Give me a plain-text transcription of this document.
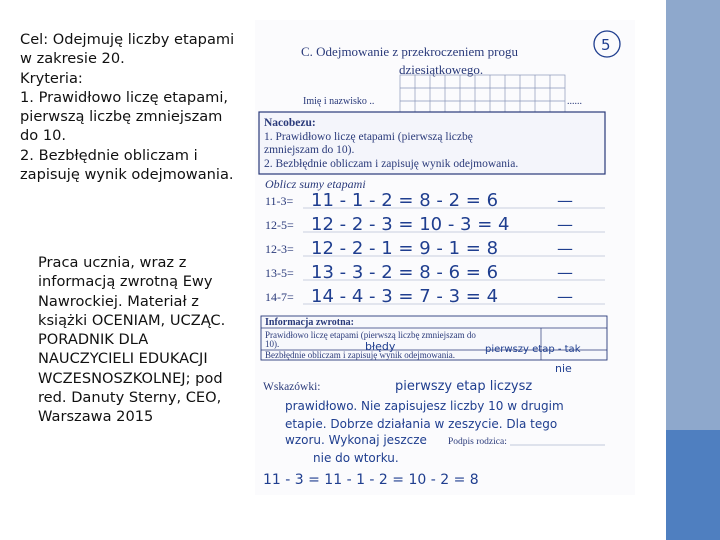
Cel: Odejmuję liczby etapami
w zakresie 20.
Kryteria:
1. Prawidłowo liczę etapami, pierwszą liczbę zmniejszam do 10.
2. Bezbłędnie obliczam i zapisuję wynik odejmowania.
Praca ucznia, wraz z informacją zwrotną Ewy Nawrockiej. Materiał z książki OCENIAM, UCZĄC. PORADNIK DLA NAUCZYCIELI EDUKACJI WCZESNOSZKOLNEJ; pod red. Danuty Sterny, CEO, Warszawa 2015
C. Odejmowanie z przekroczeniem progu
dziesiątkowego.
5
Imię i nazwisko ..	......
Nacobezu:
1. Prawidłowo liczę etapami (pierwszą liczbę
zmniejszam do 10).
2. Bezbłędnie obliczam i zapisuję wynik odejmowania.
Oblicz sumy etapami
11-3= 11 - 1 - 2 = 8 - 2 = 6	—
12-5= 12 - 2 - 3 = 10 - 3 = 4	—
12-3= 12 - 2 - 1 = 9 - 1 = 8	—
13-5= 13 - 3 - 2 = 8 - 6 = 6	—
14-7= 14 - 4 - 3 = 7 - 3 = 4	—
Informacja zwrotna:
Prawidłowo liczę etapami (pierwszą liczbę zmniejszam do
10).
Bezbłędnie obliczam i zapisuję wynik odejmowania.
błędy	pierwszy etap - tak
nie
Wskazówki:	pierwszy etap liczysz
prawidłowo. Nie zapisujesz liczby 10 w drugim
etapie. Dobrze działania w zeszycie. Dla tego
wzoru. Wykonaj jeszcze Podpis rodzica:
nie do wtorku.
11 - 3 = 11 - 1 - 2 = 10 - 2 = 8
